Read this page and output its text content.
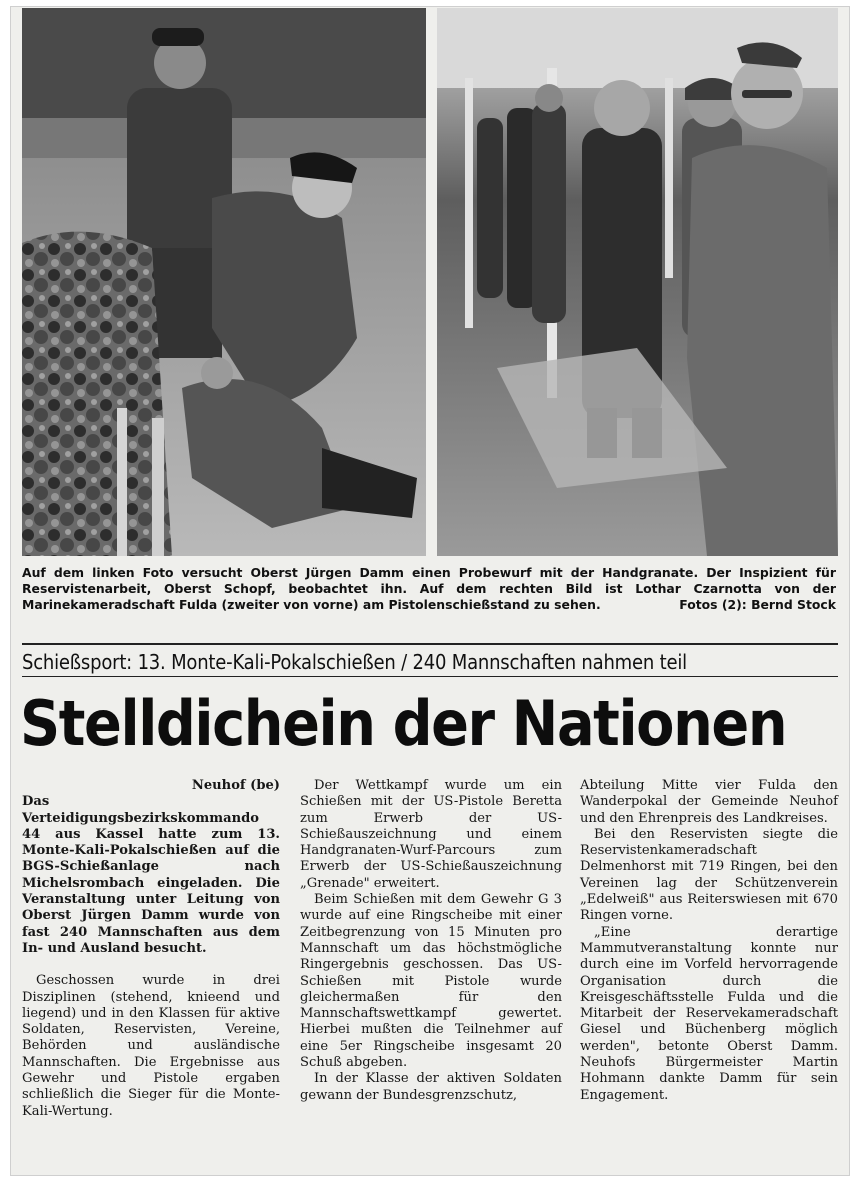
Auf dem linken Foto versucht Oberst Jürgen Damm einen Probewurf mit der Handgranate. Der Inspizient für Reservistenarbeit, Oberst Schopf, beobachtet ihn. Auf dem rechten Bild ist Lothar Czarnotta von der Marinekameradschaft Fulda (zweiter von vorne) am Pistolenschießstand zu sehen.	Fotos (2): Bernd Stock
Schießsport: 13. Monte-Kali-Pokalschießen / 240 Mannschaften nahmen teil
Stelldichein der Nationen

Neuhof (be)

Das Verteidigungsbezirkskommando 44 aus Kassel hatte zum 13. Monte-Kali-Pokalschießen auf die BGS-Schießanlage nach Michelsrombach eingeladen. Die Veranstaltung unter Leitung von Oberst Jürgen Damm wurde von fast 240 Mannschaften aus dem In- und Ausland besucht.

Geschossen wurde in drei Disziplinen (stehend, knieend und liegend) und in den Klassen für aktive Soldaten, Reservisten, Vereine, Behörden und ausländische Mannschaften. Die Ergebnisse aus Gewehr und Pistole ergaben schließlich die Sieger für die Monte-Kali-Wertung.

Der Wettkampf wurde um ein Schießen mit der US-Pistole Beretta zum Erwerb der US-Schießauszeichnung und einem Handgranaten-Wurf-Parcours zum Erwerb der US-Schießauszeichnung „Grenade" erweitert.

Beim Schießen mit dem Gewehr G 3 wurde auf eine Ringscheibe mit einer Zeitbegrenzung von 15 Minuten pro Mannschaft um das höchstmögliche Ringergebnis geschossen. Das US-Schießen mit Pistole wurde gleichermaßen für den Mannschaftswettkampf gewertet. Hierbei mußten die Teilnehmer auf eine 5er Ringscheibe insgesamt 20 Schuß abgeben.

In der Klasse der aktiven Soldaten gewann der Bundesgrenzschutz,

Abteilung Mitte vier Fulda den Wanderpokal der Gemeinde Neuhof und den Ehrenpreis des Landkreises.

Bei den Reservisten siegte die Reservistenkameradschaft Delmenhorst mit 719 Ringen, bei den Vereinen lag der Schützenverein „Edelweiß" aus Reiterswiesen mit 670 Ringen vorne.

„Eine derartige Mammutveranstaltung konnte nur durch eine im Vorfeld hervorragende Organisation durch die Kreisgeschäftsstelle Fulda und die Mitarbeit der Reservekameradschaft Giesel und Büchenberg möglich werden", betonte Oberst Damm. Neuhofs Bürgermeister Martin Hohmann dankte Damm für sein Engagement.
